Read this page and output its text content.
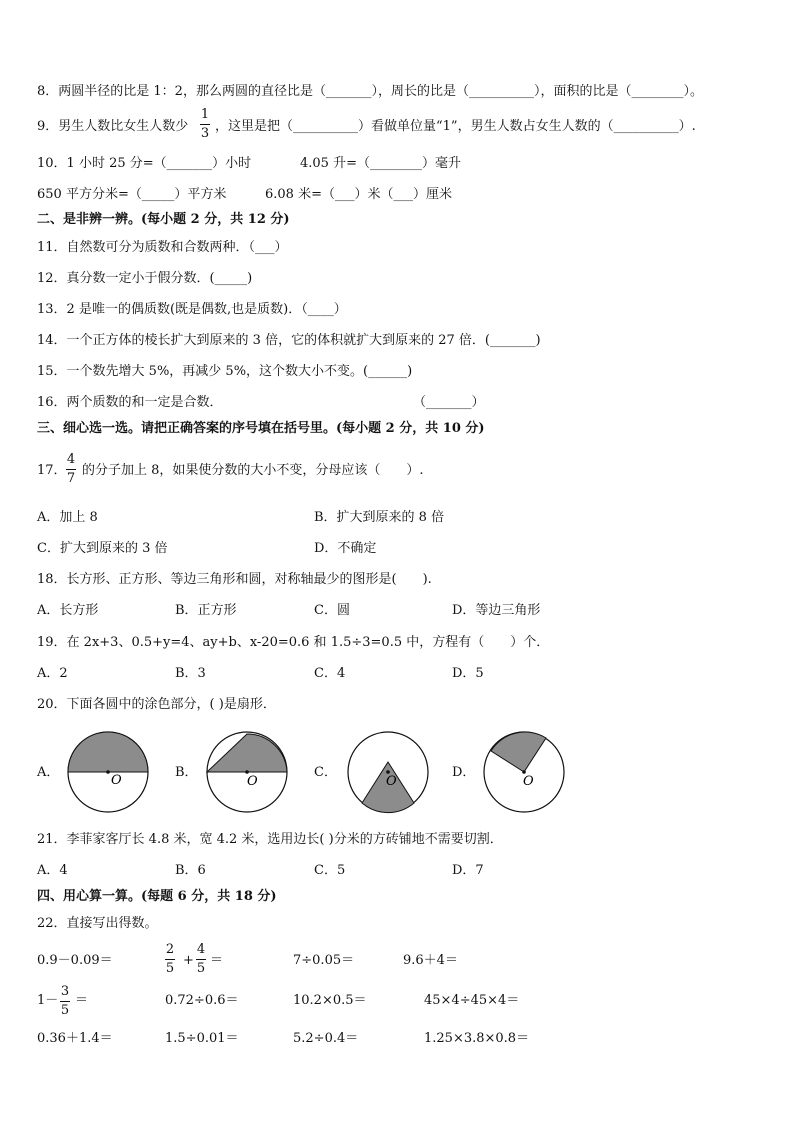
8．两圆半径的比是 1：2，那么两圆的直径比是（_______），周长的比是（__________），面积的比是（________）。
9．男生人数比女生人数少
1
3 ，这里是把（__________）看做单位量“1”，男生人数占女生人数的（__________）.
10．1 小时 25 分=（_______）小时	4.05 升=（________）毫升
650 平方分米=（_____）平方米	6.08 米=（___）米（___）厘米
二、是非辨一辨。(每小题 2 分，共 12 分)
11．自然数可分为质数和合数两种．（___）
12．真分数一定小于假分数．(_____)
13．2 是唯一的偶质数(既是偶数,也是质数)．（____）
14．一个正方体的棱长扩大到原来的 3 倍，它的体积就扩大到原来的 27 倍．(_______)
15．一个数先增大 5%，再减少 5%，这个数大小不变。(______)
16．两个质数的和一定是合数．	（_______）
三、细心选一选。请把正确答案的序号填在括号里。(每小题 2 分，共 10 分)
17．
4
7
的分子加上 8，如果使分数的大小不变，分母应该（　　）.
A．加上 8	B．扩大到原来的 8 倍
C．扩大到原来的 3 倍	D．不确定
18．长方形、正方形、等边三角形和圆，对称轴最少的图形是(　　).
A．长方形	B．正方形	C．圆	D．等边三角形
19．在 2x+3、0.5+y=4、ay+b、x-20=0.6 和 1.5÷3=0.5 中，方程有（　　）个．
A．2	B．3	C．4	D．5
20．下面各圆中的涂色部分，( )是扇形．
A．
O
B．
O
C．
O
D．
O
21．李菲家客厅长 4.8 米，宽 4.2 米，选用边长( )分米的方砖铺地不需要切割．
A．4	B．6	C．5	D．7
四、用心算一算。(每题 6 分，共 18 分)
22．直接写出得数。
0.9－0.09＝
2
5
+
4
5
＝	7÷0.05＝	9.6＋4＝
1－
3
5
＝	0.72÷0.6＝	10.2×0.5＝	45×4÷45×4＝
0.36＋1.4＝	1.5÷0.01＝	5.2÷0.4＝	1.25×3.8×0.8＝
